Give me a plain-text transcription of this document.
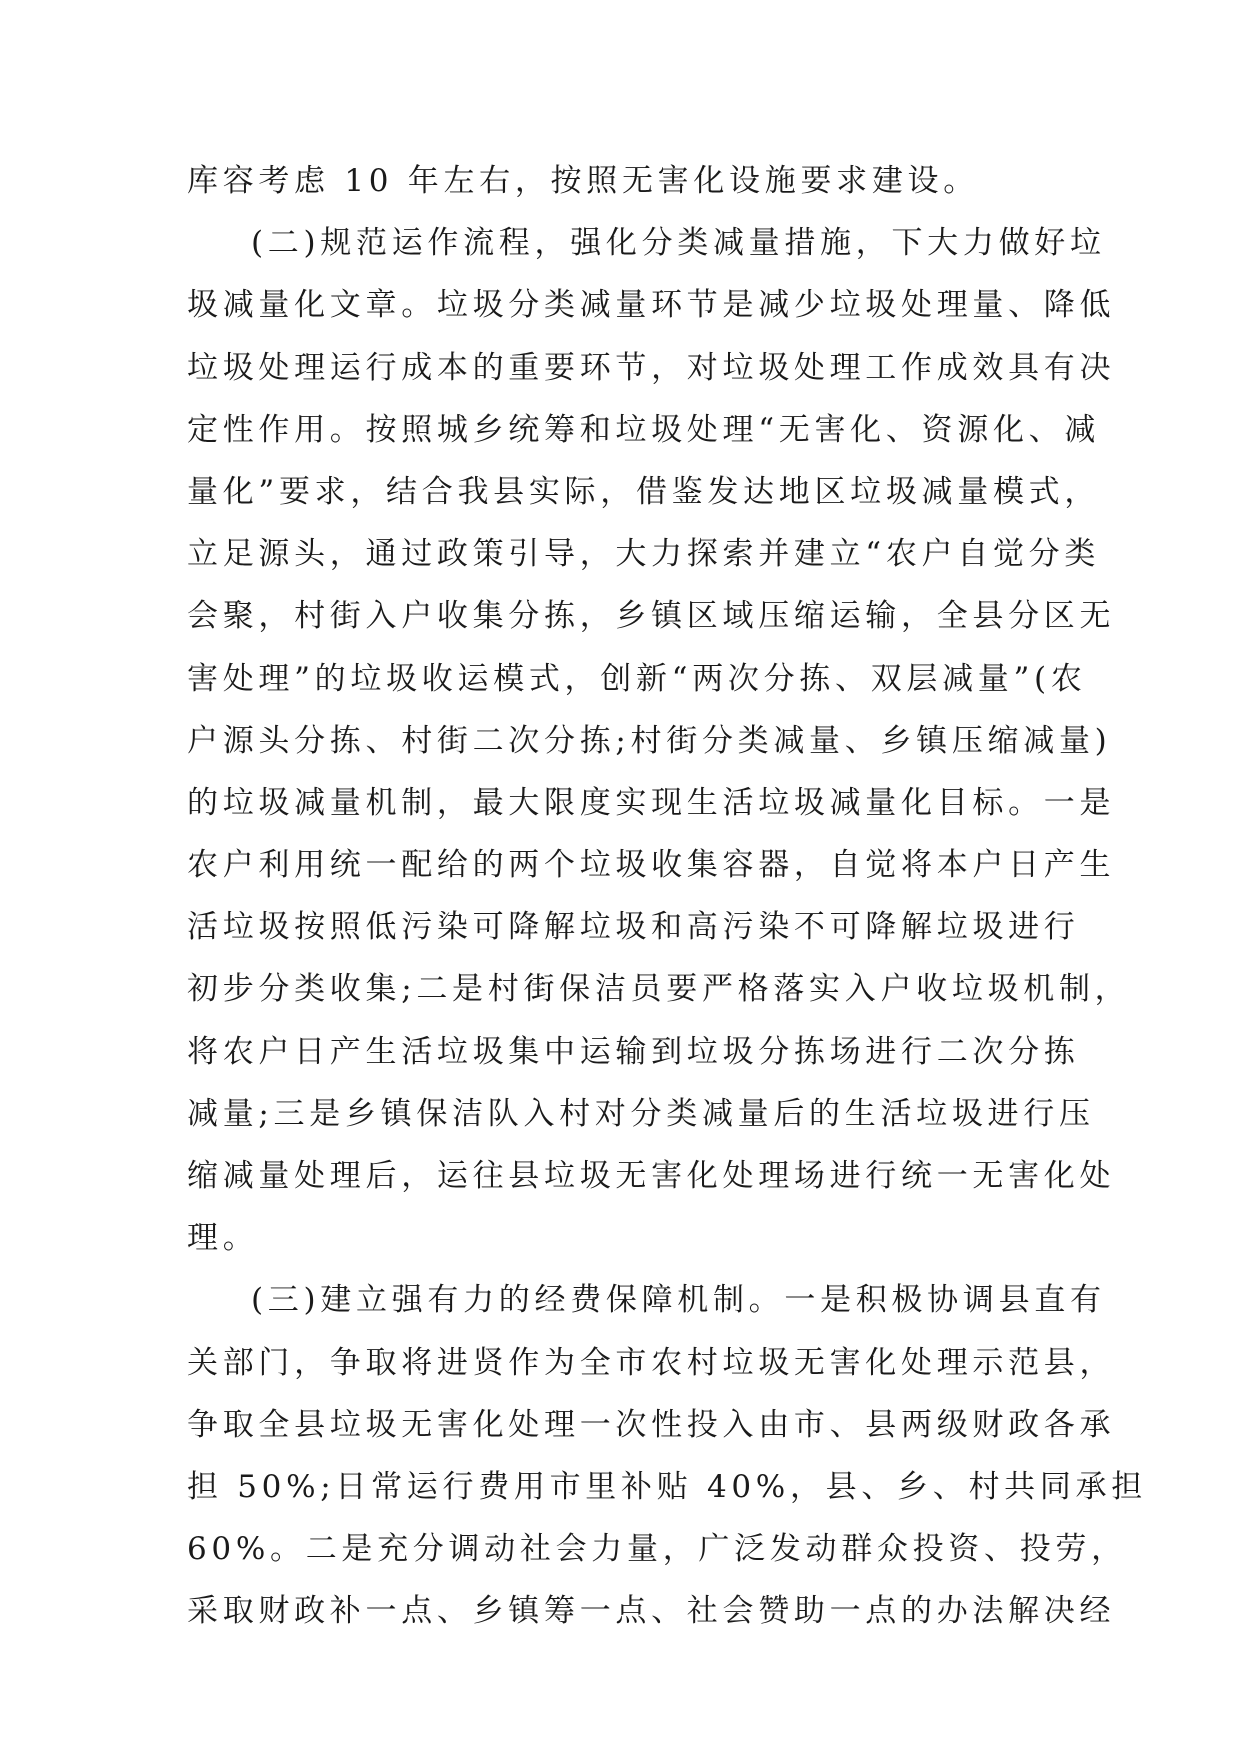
库容考虑 10 年左右，按照无害化设施要求建设。
(二)规范运作流程，强化分类减量措施，下大力做好垃
圾减量化文章。垃圾分类减量环节是减少垃圾处理量、降低
垃圾处理运行成本的重要环节，对垃圾处理工作成效具有决
定性作用。按照城乡统筹和垃圾处理“无害化、资源化、减
量化”要求，结合我县实际，借鉴发达地区垃圾减量模式，
立足源头，通过政策引导，大力探索并建立“农户自觉分类
会聚，村街入户收集分拣，乡镇区域压缩运输，全县分区无
害处理”的垃圾收运模式，创新“两次分拣、双层减量”(农
户源头分拣、村街二次分拣;村街分类减量、乡镇压缩减量)
的垃圾减量机制，最大限度实现生活垃圾减量化目标。一是
农户利用统一配给的两个垃圾收集容器，自觉将本户日产生
活垃圾按照低污染可降解垃圾和高污染不可降解垃圾进行
初步分类收集;二是村街保洁员要严格落实入户收垃圾机制，
将农户日产生活垃圾集中运输到垃圾分拣场进行二次分拣
减量;三是乡镇保洁队入村对分类减量后的生活垃圾进行压
缩减量处理后，运往县垃圾无害化处理场进行统一无害化处
理。
(三)建立强有力的经费保障机制。一是积极协调县直有
关部门，争取将进贤作为全市农村垃圾无害化处理示范县，
争取全县垃圾无害化处理一次性投入由市、县两级财政各承
担 50%;日常运行费用市里补贴 40%，县、乡、村共同承担
60%。二是充分调动社会力量，广泛发动群众投资、投劳，
采取财政补一点、乡镇筹一点、社会赞助一点的办法解决经
